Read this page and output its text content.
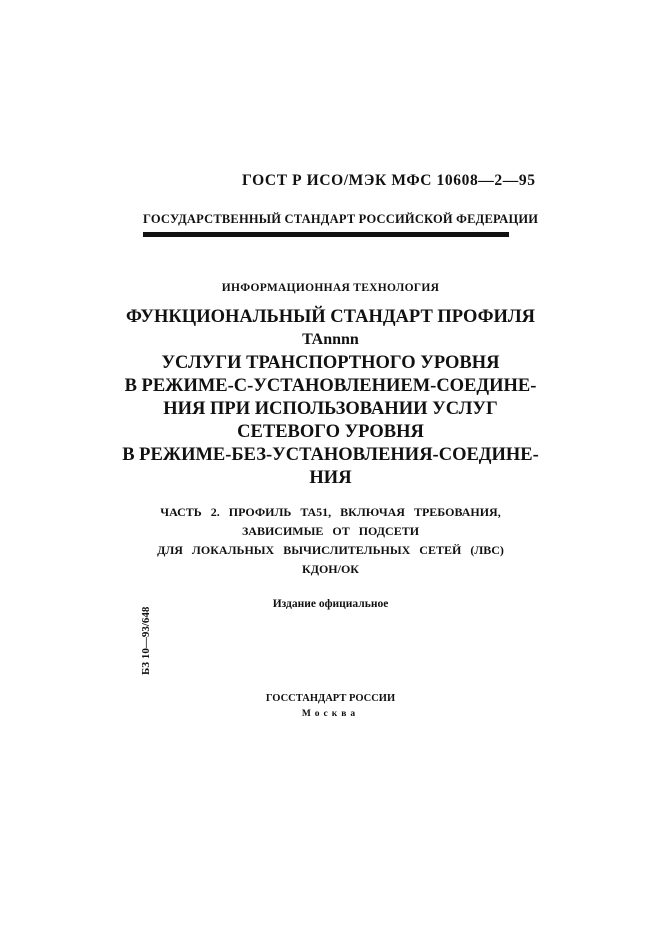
ГОСТ Р ИСО/МЭК МФС 10608—2—95
ГОСУДАРСТВЕННЫЙ СТАНДАРТ РОССИЙСКОЙ ФЕДЕРАЦИИ
ИНФОРМАЦИОННАЯ ТЕХНОЛОГИЯ
ФУНКЦИОНАЛЬНЫЙ СТАНДАРТ ПРОФИЛЯ
TAnnnn
УСЛУГИ ТРАНСПОРТНОГО УРОВНЯ
В РЕЖИМЕ-С-УСТАНОВЛЕНИЕМ-СОЕДИНЕ-
НИЯ ПРИ ИСПОЛЬЗОВАНИИ УСЛУГ
СЕТЕВОГО УРОВНЯ
В РЕЖИМЕ-БЕЗ-УСТАНОВЛЕНИЯ-СОЕДИНЕ-
НИЯ
ЧАСТЬ 2. ПРОФИЛЬ TA51, ВКЛЮЧАЯ ТРЕБОВАНИЯ,
ЗАВИСИМЫЕ ОТ ПОДСЕТИ
ДЛЯ ЛОКАЛЬНЫХ ВЫЧИСЛИТЕЛЬНЫХ СЕТЕЙ (ЛВС)
КДОН/ОК
Издание официальное
БЗ 10—93/648
ГОССТАНДАРТ РОССИИ
Москва
